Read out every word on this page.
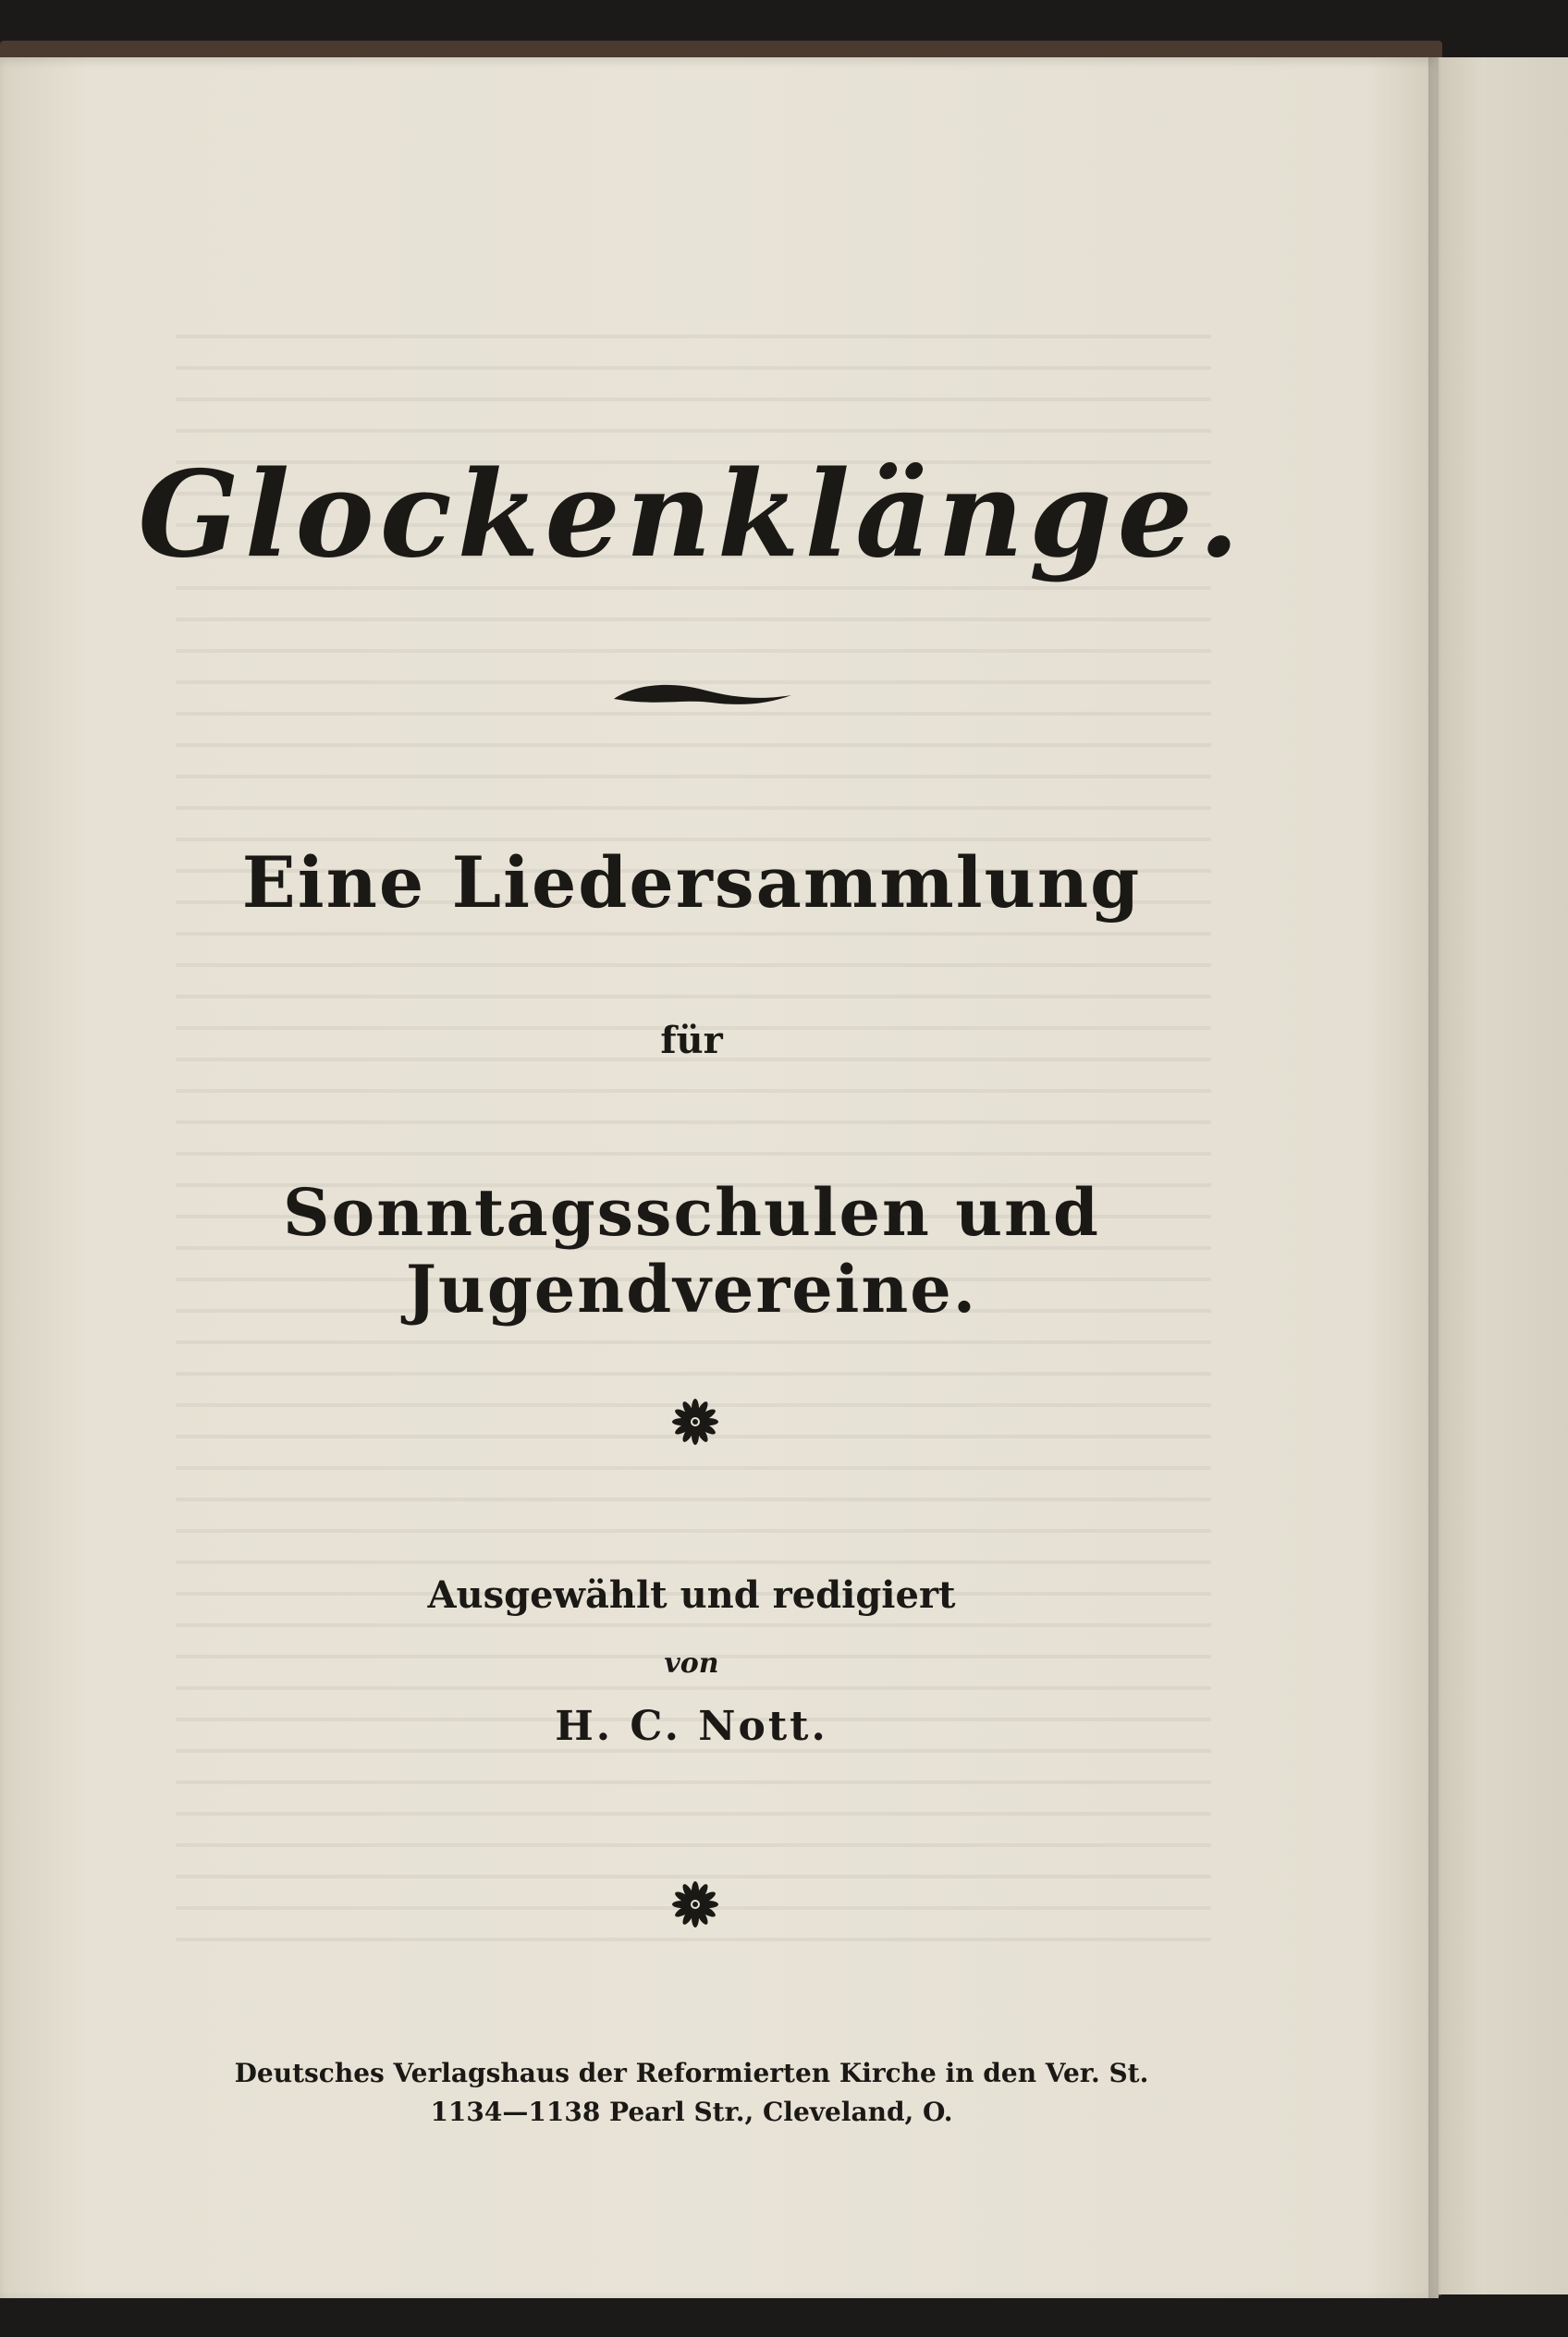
Glockenklänge.
Eine Liedersammlung
für
Sonntagsschulen und Jugendvereine.
Ausgewählt und redigiert
von
H. C. Nott.
Deutsches Verlagshaus der Reformierten Kirche in den Ver. St.
1134—1138 Pearl Str., Cleveland, O.
